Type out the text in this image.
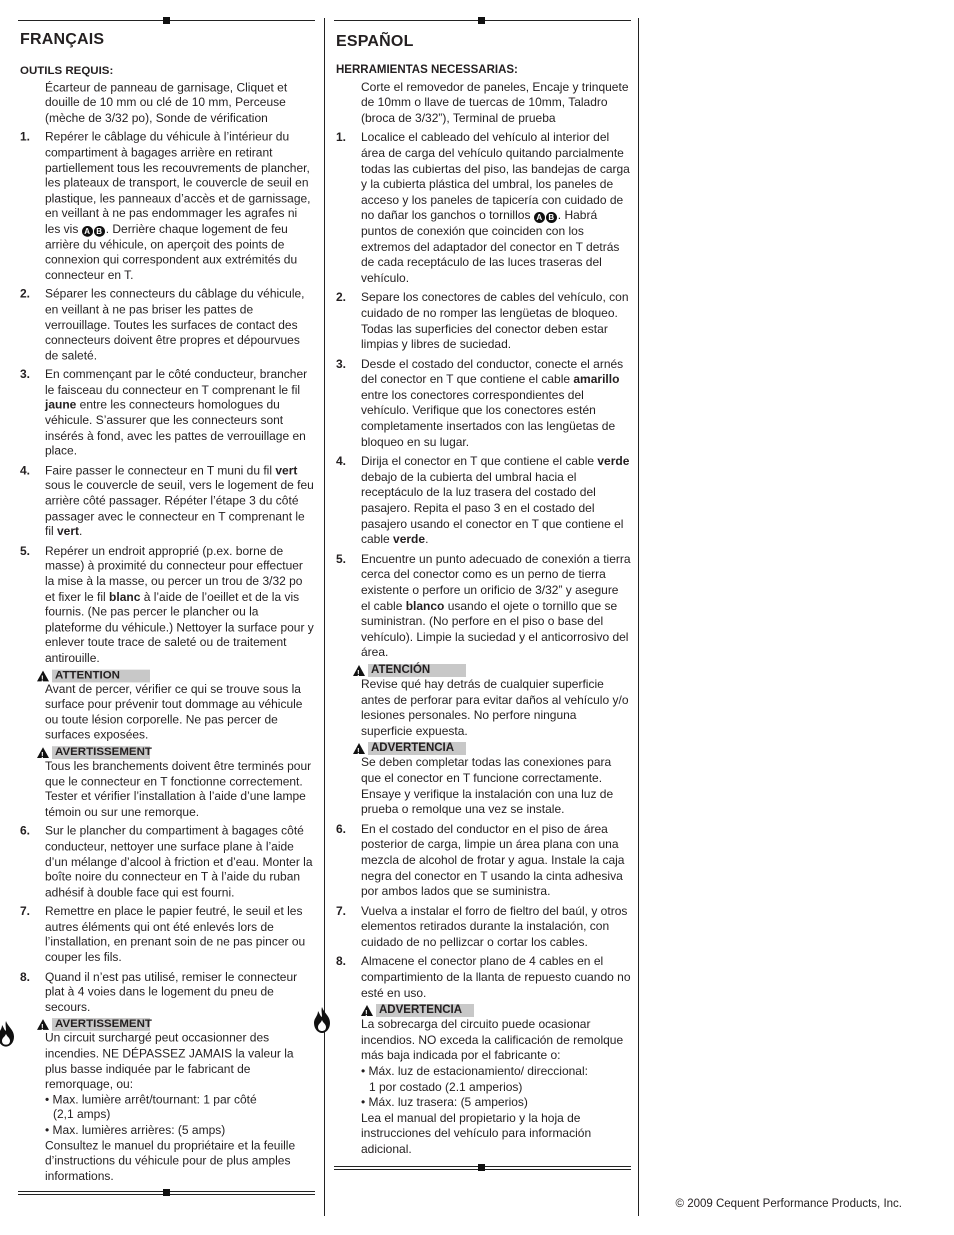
FRANÇAIS
OUTILS REQUIS:
Écarteur de panneau de garnisage, Cliquet et douille de 10 mm ou clé de 10 mm, Perceuse (mèche de 3/32 po), Sonde de vérification
1. Repérer le câblage du véhicule à l’intérieur du compartiment à bagages arrière en retirant partiellement tous les recouvrements de plancher, les plateaux de transport, le couvercle de seuil en plastique, les panneaux d’accès et de garnissage, en veillant à ne pas endommager les agrafes ni les vis A B . Derrière chaque logement de feu arrière du véhicule, on aperçoit des points de connexion qui correspondent aux extrémités du connecteur en T.
2. Séparer les connecteurs du câblage du véhicule, en veillant à ne pas briser les pattes de verrouillage. Toutes les surfaces de contact des connecteurs doivent être propres et dépourvues de saleté.
3. En commençant par le côté conducteur, brancher le faisceau du connecteur en T comprenant le fil jaune entre les connecteurs homologues du véhicule. S’assurer que les connecteurs sont insérés à fond, avec les pattes de verrouillage en place.
4. Faire passer le connecteur en T muni du fil vert sous le couvercle de seuil, vers le logement de feu arrière côté passager. Répéter l’étape 3 du côté passager avec le connecteur en T comprenant le fil vert.
5. Repérer un endroit approprié (p.ex. borne de masse) à proximité du connecteur pour effectuer la mise à la masse, ou percer un trou de 3/32 po et fixer le fil blanc à l’aide de l’oeillet et de la vis fournis. (Ne pas percer le plancher ou la plateforme du véhicule.) Nettoyer la surface pour y enlever toute trace de saleté ou de traitement antirouille.
!
ATTENTION
Avant de percer, vérifier ce qui se trouve sous la surface pour prévenir tout dommage au véhicule ou toute lésion corporelle. Ne pas percer de surfaces exposées.
!
AVERTISSEMENT
Tous les branchements doivent être terminés pour que le connecteur en T fonctionne correctement. Tester et vérifier l’installation à l’aide d’une lampe témoin ou sur une remorque.
6. Sur le plancher du compartiment à bagages côté conducteur, nettoyer une surface plane à l’aide d’un mélange d’alcool à friction et d’eau. Monter la boîte noire du connecteur en T à l’aide du ruban adhésif à double face qui est fourni.
7. Remettre en place le papier feutré, le seuil et les autres éléments qui ont été enlevés lors de l’installation, en prenant soin de ne pas pincer ou couper les fils.
8. Quand il n’est pas utilisé, remiser le connecteur plat à 4 voies dans le logement du pneu de secours.
!
AVERTISSEMENT
Un circuit surchargé peut occasionner des incendies. NE DÉPASSEZ JAMAIS la valeur la plus basse indiquée par le fabricant de remorquage, ou:
• Max. lumière arrêt/tournant: 1 par côté
(2,1 amps)
• Max. lumières arrières: (5 amps)
Consultez le manuel du propriétaire et la feuille d’instructions du véhicule pour de plus amples informations.
ESPAÑOL
HERRAMIENTAS NECESSARIAS:
Corte el removedor de paneles, Encaje y trinquete de 10mm o llave de tuercas de 10mm, Taladro (broca de 3/32”), Terminal de prueba
1. Localice el cableado del vehículo al interior del área de carga del vehículo quitando parcialmente todas las cubiertas del piso, las bandejas de carga y la cubierta plástica del umbral, los paneles de acceso y los paneles de tapicería con cuidado de no dañar los ganchos o tornillos A B . Habrá puntos de conexión que coinciden con los extremos del adaptador del conector en T detrás de cada receptáculo de las luces traseras del vehículo.
2. Separe los conectores de cables del vehículo, con cuidado de no romper las lengüetas de bloqueo. Todas las superficies del conector deben estar limpias y libres de suciedad.
3. Desde el costado del conductor, conecte el arnés del conector en T que contiene el cable amarillo entre los conectores correspondientes del vehículo. Verifique que los conectores estén completamente insertados con las lengüetas de bloqueo en su lugar.
4. Dirija el conector en T que contiene el cable verde debajo de la cubierta del umbral hacia el receptáculo de la luz trasera del costado del pasajero. Repita el paso 3 en el costado del pasajero usando el conector en T que contiene el cable verde.
5. Encuentre un punto adecuado de conexión a tierra cerca del conector como es un perno de tierra existente o perfore un orificio de 3/32” y asegure el cable blanco usando el ojete o tornillo que se suministran. (No perfore en el piso o base del vehículo). Limpie la suciedad y el anticorrosivo del área.
!
ATENCIÓN
Revise qué hay detrás de cualquier superficie antes de perforar para evitar daños al vehículo y/o lesiones personales. No perfore ninguna superficie expuesta.
!
ADVERTENCIA
Se deben completar todas las conexiones para que el conector en T funcione correctamente. Ensaye y verifique la instalación con una luz de prueba o remolque una vez se instale.
6. En el costado del conductor en el piso de área posterior de carga, limpie un área plana con una mezcla de alcohol de frotar y agua. Instale la caja negra del conector en T usando la cinta adhesiva por ambos lados que se suministra.
7. Vuelva a instalar el forro de fieltro del baúl, y otros elementos retirados durante la instalación, con cuidado de no pellizcar o cortar los cables.
8. Almacene el conector plano de 4 cables en el compartimiento de la llanta de repuesto cuando no esté en uso.
!
ADVERTENCIA
La sobrecarga del circuito puede ocasionar incendios. NO exceda la calificación de remolque más baja indicada por el fabricante o:
• Máx. luz de estacionamiento/ direccional:
1 por costado (2.1 amperios)
• Máx. luz trasera: (5 amperios)
Lea el manual del propietario y la hoja de instrucciones del vehículo para información adicional.
© 2009 Cequent Performance Products, Inc.
